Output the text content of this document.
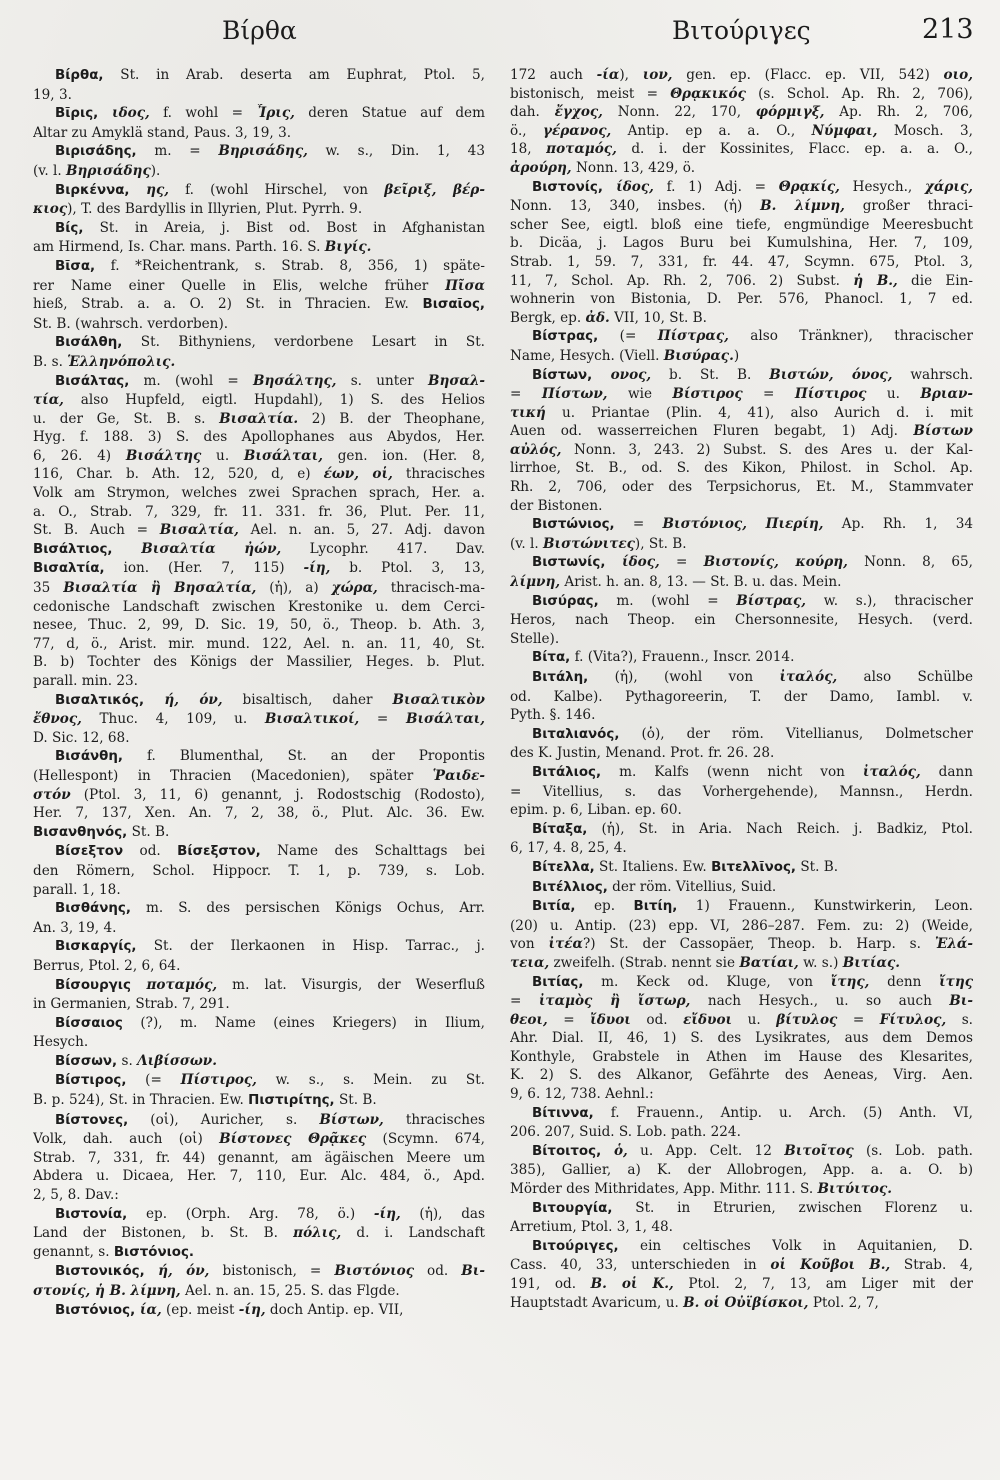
Βίρθα	Βιτούριγες	213
Βίρθα, St. in Arab. deserta am Euphrat, Ptol. 5,
19, 3.
Βῖρις, ιδος, f. wohl = Ἶρις, deren Statue auf dem
Altar zu Amyklä stand, Paus. 3, 19, 3.
Βιρισάδης, m. = Βηρισάδης, w. s., Din. 1, 43
(v. l. Βηρισάδης).
Βιρκέννα, ης, f. (wohl Hirschel, von βεῖριξ, βέρ-
κιος), T. des Bardyllis in Illyrien, Plut. Pyrrh. 9.
Βίς, St. in Areia, j. Bist od. Bost in Afghanistan
am Hirmend, Is. Char. mans. Parth. 16. S. Βιγίς.
Βῖσα, f. *Reichentrank, s. Strab. 8, 356, 1) späte-
rer Name einer Quelle in Elis, welche früher Πῖσα
hieß, Strab. a. a. O. 2) St. in Thracien. Ew. Βισαῖος,
St. B. (wahrsch. verdorben).
Βισάλθη, St. Bithyniens, verdorbene Lesart in St.
B. s. Ἑλληνόπολις.
Βισάλτας, m. (wohl = Βησάλτης, s. unter Βησαλ-
τία, also Hupfeld, eigtl. Hupdahl), 1) S. des Helios
u. der Ge, St. B. s. Βισαλτία. 2) B. der Theophane,
Hyg. f. 188. 3) S. des Apollophanes aus Abydos, Her.
6, 26. 4) Βισάλτης u. Βισάλται, gen. ion. (Her. 8,
116, Char. b. Ath. 12, 520, d, e) έων, οἱ, thracisches
Volk am Strymon, welches zwei Sprachen sprach, Her. a.
a. O., Strab. 7, 329, fr. 11. 331. fr. 36, Plut. Per. 11,
St. B. Auch = Βισαλτία, Ael. n. an. 5, 27. Adj. davon
Βισάλτιος, Βισαλτία ἠών, Lycophr. 417. Dav.
Βισαλτία, ion. (Her. 7, 115) -ίη, b. Ptol. 3, 13,
35 Βισαλτία ἢ Βησαλτία, (ἡ), a) χώρα, thracisch-ma-
cedonische Landschaft zwischen Krestonike u. dem Cerci-
nesee, Thuc. 2, 99, D. Sic. 19, 50, ö., Theop. b. Ath. 3,
77, d, ö., Arist. mir. mund. 122, Ael. n. an. 11, 40, St.
B. b) Tochter des Königs der Massilier, Heges. b. Plut.
parall. min. 23.
Βισαλτικός, ή, όν, bisaltisch, daher Βισαλτικὸν
ἔθνος, Thuc. 4, 109, u. Βισαλτικοί, = Βισάλται,
D. Sic. 12, 68.
Βισάνθη, f. Blumenthal, St. an der Propontis
(Hellespont) in Thracien (Macedonien), später Ῥαιδε-
στόν (Ptol. 3, 11, 6) genannt, j. Rodostschig (Rodosto),
Her. 7, 137, Xen. An. 7, 2, 38, ö., Plut. Alc. 36. Ew.
Βισανθηνός, St. B.
Βίσεξτον od. Βίσεξστον, Name des Schalttags bei
den Römern, Schol. Hippocr. T. 1, p. 739, s. Lob.
parall. 1, 18.
Βισθάνης, m. S. des persischen Königs Ochus, Arr.
An. 3, 19, 4.
Βισκαργίς, St. der Ilerkaonen in Hisp. Tarrac., j.
Berrus, Ptol. 2, 6, 64.
Βίσουργις ποταμός, m. lat. Visurgis, der Weserfluß
in Germanien, Strab. 7, 291.
Βίσσαιος (?), m. Name (eines Kriegers) in Ilium,
Hesych.
Βίσσων, s. Λιβίσσων.
Βίστιρος, (= Πίστιρος, w. s., s. Mein. zu St.
B. p. 524), St. in Thracien. Ew. Πιστιρίτης, St. B.
Βίστονες, (οἱ), Auricher, s. Βίστων, thracisches
Volk, dah. auch (οἱ) Βίστονες Θρᾷκες (Scymn. 674,
Strab. 7, 331, fr. 44) genannt, am ägäischen Meere um
Abdera u. Dicaea, Her. 7, 110, Eur. Alc. 484, ö., Apd.
2, 5, 8. Dav.:
Βιστονία, ep. (Orph. Arg. 78, ö.) -ίη, (ἡ), das
Land der Bistonen, b. St. B. πόλις, d. i. Landschaft
genannt, s. Βιστόνιος.
Βιστονικός, ή, όν, bistonisch, = Βιστόνιος od. Βι-
στονίς, ἡ Β. λίμνη, Ael. n. an. 15, 25. S. das Flgde.
Βιστόνιος, ία, (ep. meist -ίη, doch Antip. ep. VII,
172 auch -ία), ιον, gen. ep. (Flacc. ep. VII, 542) οιο,
bistonisch, meist = Θρᾳκικός (s. Schol. Ap. Rh. 2, 706),
dah. ἔγχος, Nonn. 22, 170, φόρμιγξ, Ap. Rh. 2, 706,
ö., γέρανος, Antip. ep a. a. O., Νύμφαι, Mosch. 3,
18, ποταμός, d. i. der Kossinites, Flacc. ep. a. a. O.,
ἀρούρη, Nonn. 13, 429, ö.
Βιστονίς, ίδος, f. 1) Adj. = Θρᾳκίς, Hesych., χάρις,
Nonn. 13, 340, insbes. (ἡ) Β. λίμνη, großer thraci-
scher See, eigtl. bloß eine tiefe, engmündige Meeresbucht
b. Dicäa, j. Lagos Buru bei Kumulshina, Her. 7, 109,
Strab. 1, 59. 7, 331, fr. 44. 47, Scymn. 675, Ptol. 3,
11, 7, Schol. Ap. Rh. 2, 706. 2) Subst. ἡ Β., die Ein-
wohnerin von Bistonia, D. Per. 576, Phanocl. 1, 7 ed.
Bergk, ep. ἀδ. VII, 10, St. B.
Βίστρας, (= Πίστρας, also Tränkner), thracischer
Name, Hesych. (Viell. Βισύρας.)
Βίστων, ονος, b. St. B. Βιστών, όνος, wahrsch.
= Πίστων, wie Βίστιρος = Πίστιρος u. Βριαν-
τική u. Priantae (Plin. 4, 41), also Aurich d. i. mit
Auen od. wasserreichen Fluren begabt, 1) Adj. Βίστων
αὐλός, Nonn. 3, 243. 2) Subst. S. des Ares u. der Kal-
lirrhoe, St. B., od. S. des Kikon, Philost. in Schol. Ap.
Rh. 2, 706, oder des Terpsichorus, Et. M., Stammvater
der Bistonen.
Βιστώνιος, = Βιστόνιος, Πιερίη, Ap. Rh. 1, 34
(v. l. Βιστώνιτες), St. B.
Βιστωνίς, ίδος, = Βιστονίς, κούρη, Nonn. 8, 65,
λίμνη, Arist. h. an. 8, 13. — St. B. u. das. Mein.
Βισύρας, m. (wohl = Βίστρας, w. s.), thracischer
Heros, nach Theop. ein Chersonnesite, Hesych. (verd.
Stelle).
Βίτα, f. (Vita?), Frauenn., Inscr. 2014.
Βιτάλη, (ἡ), (wohl von ἰταλός, also Schülbe
od. Kalbe). Pythagoreerin, T. der Damo, Iambl. v.
Pyth. §. 146.
Βιταλιανός, (ὁ), der röm. Vitellianus, Dolmetscher
des K. Justin, Menand. Prot. fr. 26. 28.
Βιτάλιος, m. Kalfs (wenn nicht von ἰταλός, dann
= Vitellius, s. das Vorhergehende), Mannsn., Herdn.
epim. p. 6, Liban. ep. 60.
Βίταξα, (ἡ), St. in Aria. Nach Reich. j. Badkiz, Ptol.
6, 17, 4. 8, 25, 4.
Βίτελλα, St. Italiens. Ew. Βιτελλῖνος, St. B.
Βιτέλλιος, der röm. Vitellius, Suid.
Βιτία, ep. Βιτίη, 1) Frauenn., Kunstwirkerin, Leon.
(20) u. Antip. (23) epp. VI, 286–287. Fem. zu: 2) (Weide,
von ἰτέα?) St. der Cassopäer, Theop. b. Harp. s. Ἐλά-
τεια, zweifelh. (Strab. nennt sie Βατίαι, w. s.) Βιτίας.
Βιτίας, m. Keck od. Kluge, von ἴτης, denn ἴτης
= ἰταμὸς ἢ ἴστωρ, nach Hesych., u. so auch Βι-
θεοι, = ἴδυοι od. εἴδυοι u. βίτυλος = Fίτυλος, s.
Ahr. Dial. II, 46, 1) S. des Lysikrates, aus dem Demos
Konthyle, Grabstele in Athen im Hause des Klesarites,
K. 2) S. des Alkanor, Gefährte des Aeneas, Virg. Aen.
9, 6. 12, 738. Aehnl.:
Βίτιννα, f. Frauenn., Antip. u. Arch. (5) Anth. VI,
206. 207, Suid. S. Lob. path. 224.
Βίτοιτος, ὁ, u. App. Celt. 12 Βιτοῖτος (s. Lob. path.
385), Gallier, a) K. der Allobrogen, App. a. a. O. b)
Mörder des Mithridates, App. Mithr. 111. S. Βιτύιτος.
Βιτουργία, St. in Etrurien, zwischen Florenz u.
Arretium, Ptol. 3, 1, 48.
Βιτούριγες, ein celtisches Volk in Aquitanien, D.
Cass. 40, 33, unterschieden in οἱ Κοῦβοι Β., Strab. 4,
191, od. Β. οἱ Κ., Ptol. 2, 7, 13, am Liger mit der
Hauptstadt Avaricum, u. Β. οἱ Οὐϊβίσκοι, Ptol. 2, 7,
